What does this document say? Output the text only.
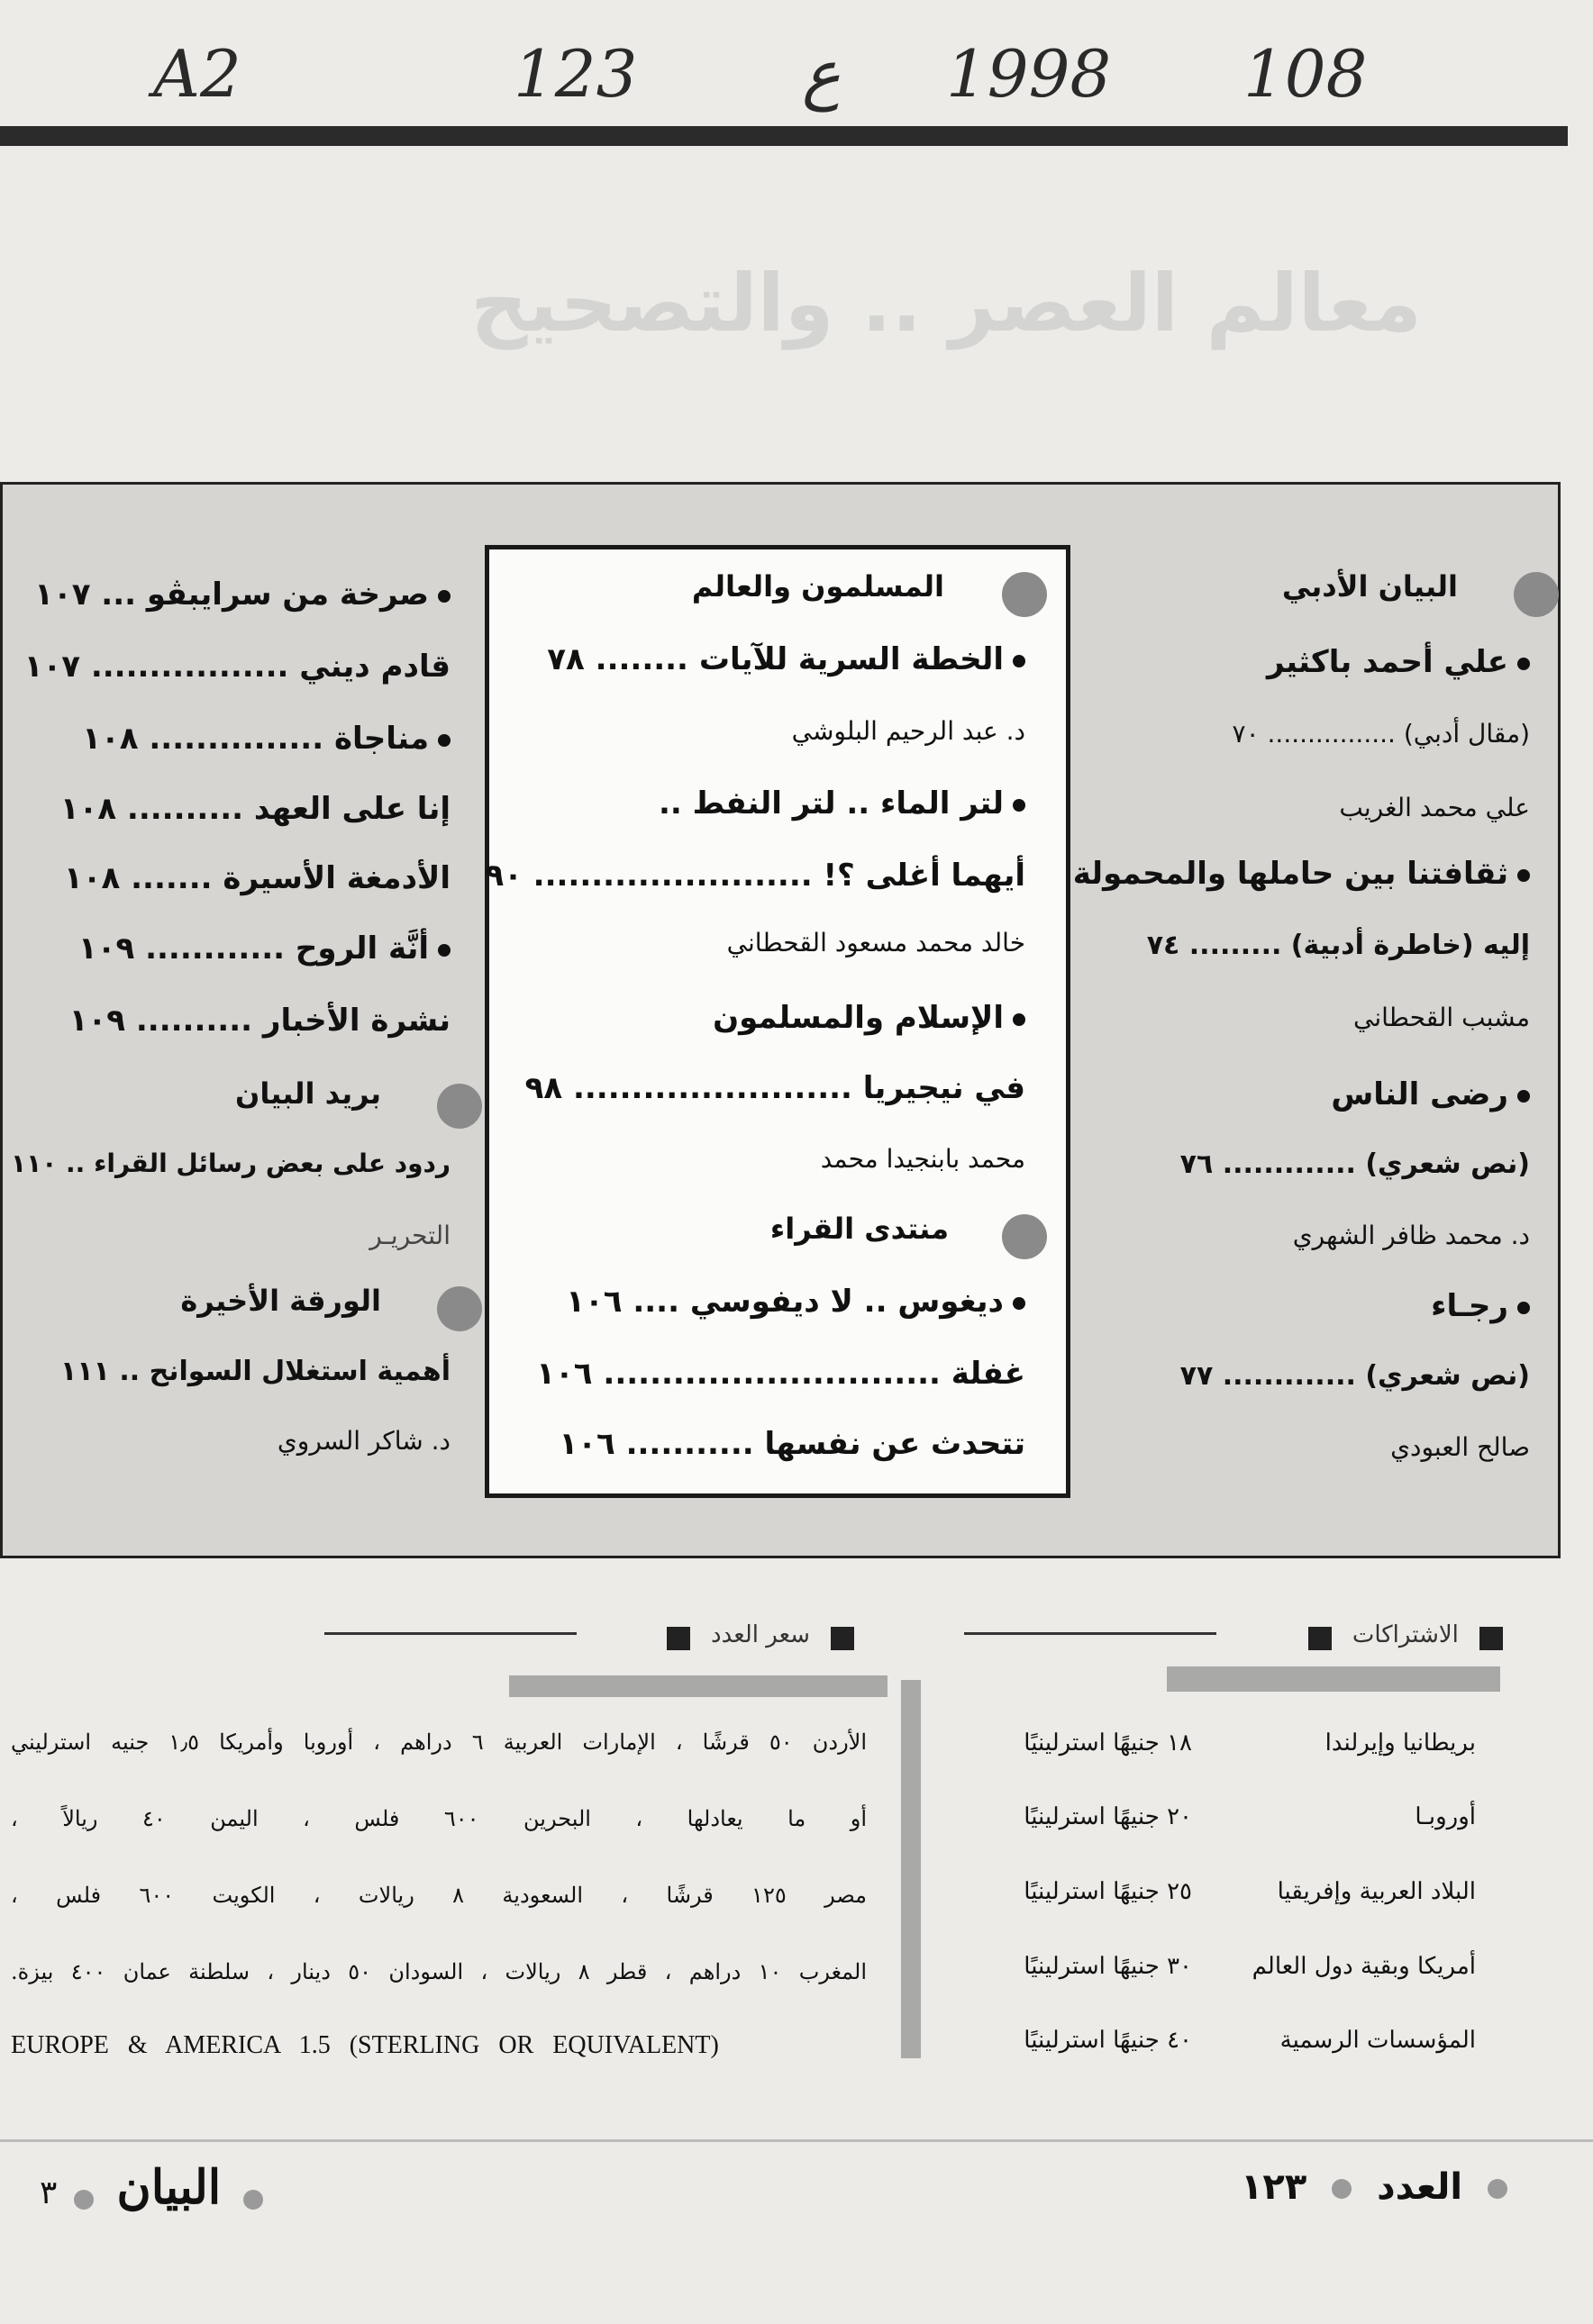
A2	123	ع 1998 108
ﻣﻌﺎﻟﻢ ﺍﻟﻌﺼﺮ .. ﻭﺍﻟﺘﺼﺤﻴﺢ
البيان الأدبي
علي أحمد باكثير
(مقال أدبي) ................ ٧٠
علي محمد الغريب
ثقافتنا بين حاملها والمحمولة
إليه (خاطرة أدبية) ......... ٧٤
مشبب القحطاني
رضى الناس
(نص شعري) ............. ٧٦
د. محمد ظافر الشهري
رجـاء
(نص شعري) ............. ٧٧
صالح العبودي
المسلمون والعالم
الخطة السرية للآيات ........ ٧٨
د. عبد الرحيم البلوشي
لتر الماء .. لتر النفط ..
أيهما أغلى ؟! ........................ ٩٠
خالد محمد مسعود القحطاني
الإسلام والمسلمون
في نيجيريا ........................ ٩٨
محمد بابنجيدا محمد
منتدى القراء
ديغوس .. لا ديفوسي .... ١٠٦
غفلة ............................. ١٠٦
تتحدث عن نفسها ........... ١٠٦
صرخة من سرايبڤو ... ١٠٧
قادم ديني ................. ١٠٧
مناجاة ............... ١٠٨
إنا على العهد .......... ١٠٨
الأدمغة الأسيرة ....... ١٠٨
أنَّة الروح ............ ١٠٩
نشرة الأخبار .......... ١٠٩
بريد البيان
ردود على بعض رسائل القراء .. ١١٠
التحريـر
الورقة الأخيرة
أهمية استغلال السوانح .. ١١١
د. شاكر السروي
الاشتراكات
بريطانيا وإيرلندا
١٨ جنيهًا استرلينيًا
أوروبـا
٢٠ جنيهًا استرلينيًا
البلاد العربية وإفريقيا
٢٥ جنيهًا استرلينيًا
أمريكا وبقية دول العالم
٣٠ جنيهًا استرلينيًا
المؤسسات الرسمية
٤٠ جنيهًا استرلينيًا
سعر العدد
الأردن ٥٠ قرشًا ، الإمارات العربية ٦ دراهم ، أوروبا وأمريكا ١٫٥ جنيه استرليني
أو ما يعادلها ، البحرين ٦٠٠ فلس ، اليمن ٤٠ ريالاً ،
مصر ١٢٥ قرشًا ، السعودية ٨ ريالات ، الكويت ٦٠٠ فلس ،
المغرب ١٠ دراهم ، قطر ٨ ريالات ، السودان ٥٠ دينار ، سلطنة عمان ٤٠٠ بيزة.
EUROPE & AMERICA 1.5 (STERLING OR EQUIVALENT)
العدد  ١٢٣
البيان  ٣
